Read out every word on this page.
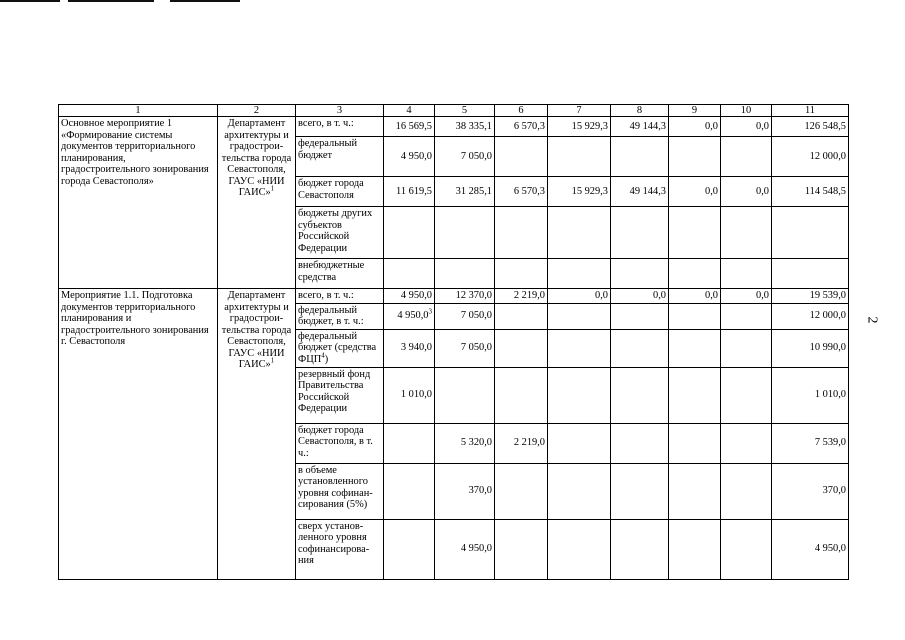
1	2	3	4	5	6	7	8	9	10	11
Основное мероприятие 1 «Формирование системы документов территориального планирования, градостроительного зонирования города Севастополя»	Департамент архитектуры и градострои-тельства города Севастополя, ГАУС «НИИ ГАИС»$^1$	всего, в т. ч.:	16 569,5	38 335,1	6 570,3	15 929,3	49 144,3	0,0	0,0	126 548,5
		федеральный бюджет	4 950,0	7 050,0						12 000,0
		бюджет города Севастополя	11 619,5	31 285,1	6 570,3	15 929,3	49 144,3	0,0	0,0	114 548,5
		бюджеты других субъектов Российской Федерации								
		внебюджетные средства								
Мероприятие 1.1. Подготовка документов территориального планирования и градостроительного зонирования г. Севастополя	Департамент архитектуры и градострои-тельства города Севастополя, ГАУС «НИИ ГАИС»$^1$	всего, в т. ч.:	4 950,0	12 370,0	2 219,0	0,0	0,0	0,0	0,0	19 539,0
		федеральный бюджет, в т. ч.:	4 950,0$^3$	7 050,0						12 000,0
		федеральный бюджет (средства ФЦП$^4$)	3 940,0	7 050,0						10 990,0
		резервный фонд Правительства Российской Федерации	1 010,0							1 010,0
		бюджет города Севастополя, в т. ч.:		5 320,0	2 219,0					7 539,0
		в объеме установленного уровня софинан-сирования (5%)		370,0						370,0
		сверх установ-ленного уровня софинансирова-ния		4 950,0						4 950,0
2
